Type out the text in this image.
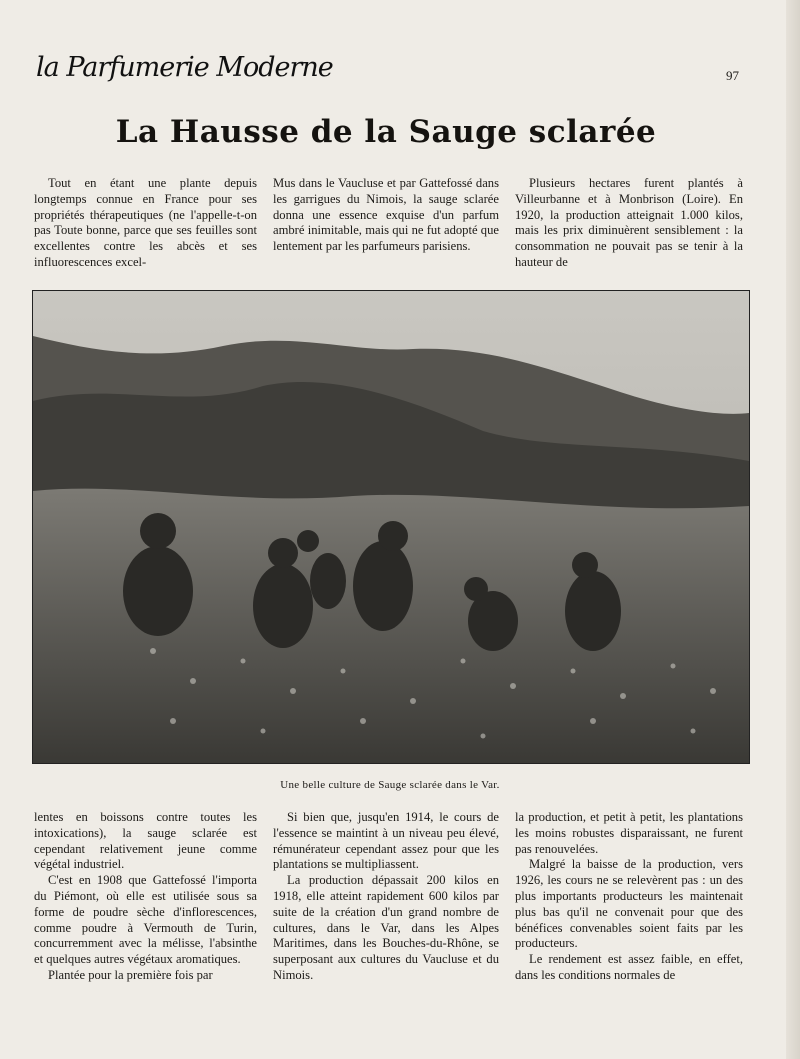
la Parfumerie Moderne	97
La Hausse de la Sauge sclarée

Tout en étant une plante depuis longtemps connue en France pour ses propriétés thérapeutiques (ne l'appelle-t-on pas Toute bonne, parce que ses feuilles sont excellentes contre les abcès et ses influorescences excel-

Mus dans le Vaucluse et par Gattefossé dans les garrigues du Nimois, la sauge sclarée donna une essence exquise d'un parfum ambré inimitable, mais qui ne fut adopté que lentement par les parfumeurs parisiens.

Plusieurs hectares furent plantés à Villeurbanne et à Monbrison (Loire). En 1920, la production atteignait 1.000 kilos, mais les prix diminuèrent sensiblement : la consommation ne pouvait pas se tenir à la hauteur de

Une belle culture de Sauge sclarée dans le Var.

lentes en boissons contre toutes les intoxications), la sauge sclarée est cependant relativement jeune comme végétal industriel.

C'est en 1908 que Gattefossé l'importa du Piémont, où elle est utilisée sous sa forme de poudre sèche d'inflorescences, comme poudre à Vermouth de Turin, concurremment avec la mélisse, l'absinthe et quelques autres végétaux aromatiques.

Plantée pour la première fois par

Si bien que, jusqu'en 1914, le cours de l'essence se maintint à un niveau peu élevé, rémunérateur cependant assez pour que les plantations se multipliassent.

La production dépassait 200 kilos en 1918, elle atteint rapidement 600 kilos par suite de la création d'un grand nombre de cultures, dans le Var, dans les Alpes Maritimes, dans les Bouches-du-Rhône, se superposant aux cultures du Vaucluse et du Nimois.

la production, et petit à petit, les plantations les moins robustes disparaissant, ne furent pas renouvelées.

Malgré la baisse de la production, vers 1926, les cours ne se relevèrent pas : un des plus importants producteurs les maintenait plus bas qu'il ne convenait pour que des bénéfices convenables soient faits par les producteurs.

Le rendement est assez faible, en effet, dans les conditions normales de
